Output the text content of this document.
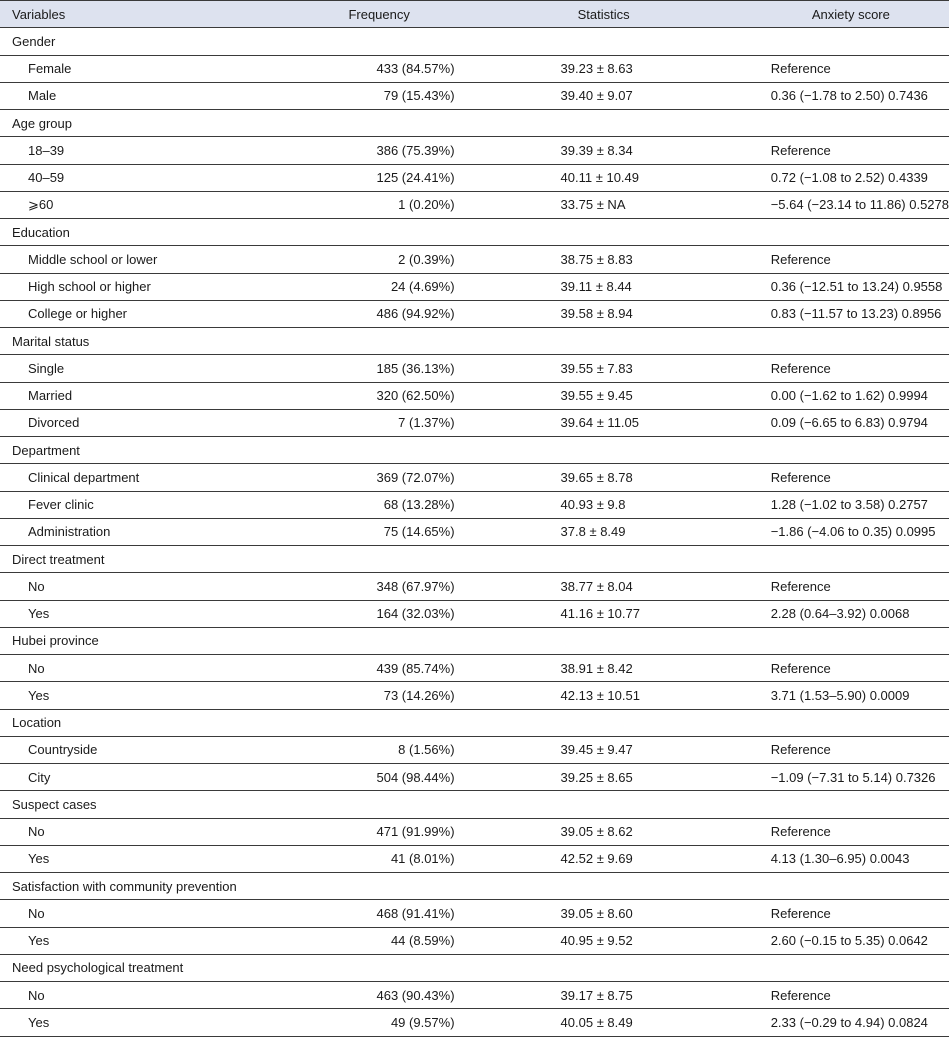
Variables	Frequency	Statistics	Anxiety score
Gender			
Female	433 (84.57%)	39.23 ± 8.63	Reference
Male	79 (15.43%)	39.40 ± 9.07	0.36 (−1.78 to 2.50) 0.7436
Age group			
18–39	386 (75.39%)	39.39 ± 8.34	Reference
40–59	125 (24.41%)	40.11 ± 10.49	0.72 (−1.08 to 2.52) 0.4339
⩾60	1 (0.20%)	33.75 ± NA	−5.64 (−23.14 to 11.86) 0.5278
Education			
Middle school or lower	2 (0.39%)	38.75 ± 8.83	Reference
High school or higher	24 (4.69%)	39.11 ± 8.44	0.36 (−12.51 to 13.24) 0.9558
College or higher	486 (94.92%)	39.58 ± 8.94	0.83 (−11.57 to 13.23) 0.8956
Marital status			
Single	185 (36.13%)	39.55 ± 7.83	Reference
Married	320 (62.50%)	39.55 ± 9.45	0.00 (−1.62 to 1.62) 0.9994
Divorced	7 (1.37%)	39.64 ± 11.05	0.09 (−6.65 to 6.83) 0.9794
Department			
Clinical department	369 (72.07%)	39.65 ± 8.78	Reference
Fever clinic	68 (13.28%)	40.93 ± 9.8	1.28 (−1.02 to 3.58) 0.2757
Administration	75 (14.65%)	37.8 ± 8.49	−1.86 (−4.06 to 0.35) 0.0995
Direct treatment			
No	348 (67.97%)	38.77 ± 8.04	Reference
Yes	164 (32.03%)	41.16 ± 10.77	2.28 (0.64–3.92) 0.0068
Hubei province			
No	439 (85.74%)	38.91 ± 8.42	Reference
Yes	73 (14.26%)	42.13 ± 10.51	3.71 (1.53–5.90) 0.0009
Location			
Countryside	8 (1.56%)	39.45 ± 9.47	Reference
City	504 (98.44%)	39.25 ± 8.65	−1.09 (−7.31 to 5.14) 0.7326
Suspect cases			
No	471 (91.99%)	39.05 ± 8.62	Reference
Yes	41 (8.01%)	42.52 ± 9.69	4.13 (1.30–6.95) 0.0043
Satisfaction with community prevention			
No	468 (91.41%)	39.05 ± 8.60	Reference
Yes	44 (8.59%)	40.95 ± 9.52	2.60 (−0.15 to 5.35) 0.0642
Need psychological treatment			
No	463 (90.43%)	39.17 ± 8.75	Reference
Yes	49 (9.57%)	40.05 ± 8.49	2.33 (−0.29 to 4.94) 0.0824
